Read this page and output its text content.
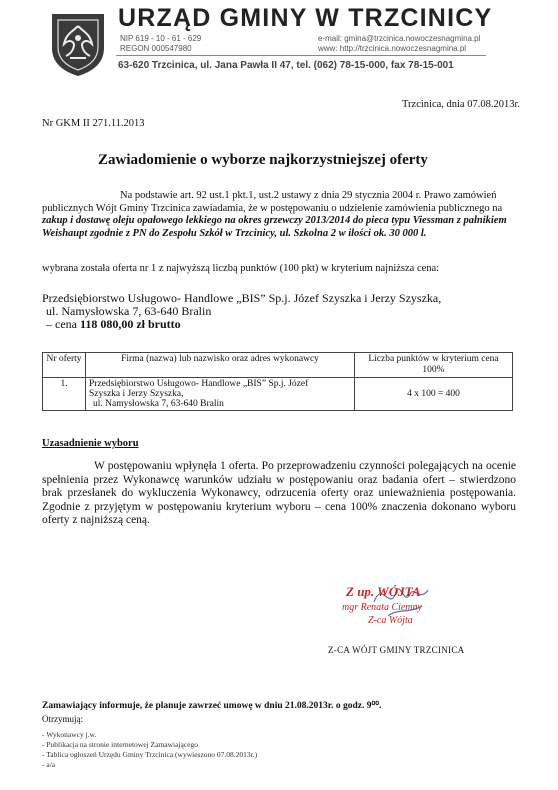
URZĄD GMINY W TRZCINICY
NIP 619 - 10 - 61 - 629
REGON 000547980
e-mail: gmina@trzcinica.nowoczesnagmina.pl
www: http://trzcinica.nowoczesnagmina.pl
63-620 Trzcinica, ul. Jana Pawła II 47, tel. (062) 78-15-000, fax 78-15-001
Trzcinica, dnia 07.08.2013r.
Nr GKM II 271.11.2013
Zawiadomienie o wyborze najkorzystniejszej oferty
Na podstawie art. 92 ust.1 pkt.1, ust.2 ustawy z dnia 29 stycznia 2004 r. Prawo zamówień publicznych Wójt Gminy Trzcinica zawiadamia, że w postępowaniu o udzielenie zamówienia publicznego na zakup i dostawę oleju opałowego lekkiego na okres grzewczy 2013/2014 do pieca typu Viessman z palnikiem Weishaupt zgodnie z PN do Zespołu Szkół w Trzcinicy, ul. Szkolna 2 w ilości ok. 30 000 l.
wybrana została oferta nr 1 z najwyższą liczbą punktów (100 pkt) w kryterium najniższa cena:
Przedsiębiorstwo Usługowo- Handlowe „BIS” Sp.j. Józef Szyszka i Jerzy Szyszka,
ul. Namysłowska 7, 63-640 Bralin
– cena 118 080,00 zł brutto
Nr oferty	Firma (nazwa) lub nazwisko oraz adres wykonawcy	Liczba punktów w kryterium cena 100%
1.	Przedsiębiorstwo Usługowo- Handlowe „BIS” Sp.j. Józef
Szyszka i Jerzy Szyszka,
ul. Namysłowska 7, 63-640 Bralin	4 x 100 = 400
Uzasadnienie wyboru
W postępowaniu wpłynęła 1 oferta. Po przeprowadzeniu czynności polegających na ocenie spełnienia przez Wykonawcę warunków udziału w postępowaniu oraz badania ofert – stwierdzono brak przesłanek do wykluczenia Wykonawcy, odrzucenia oferty oraz unieważnienia postępowania. Zgodnie z przyjętym w postępowaniu kryterium wyboru – cena 100% znaczenia dokonano wyboru oferty z najniższą ceną.
Z up. WÓJTA
mgr Renata Ciemny
Z-ca Wójta
Z-CA WÓJT GMINY TRZCINICA
Zamawiający informuje, że planuje zawrzeć umowę w dniu 21.08.2013r. o godz. 9⁰⁰.
Otrzymują:
- Wykonawcy j.w.
- Publikacja na stronie internetowej Zamawiającego
- Tablica ogłoszeń Urzędu Gminy Trzcinica (wywieszono 07.08.2013r.)
- a/a
